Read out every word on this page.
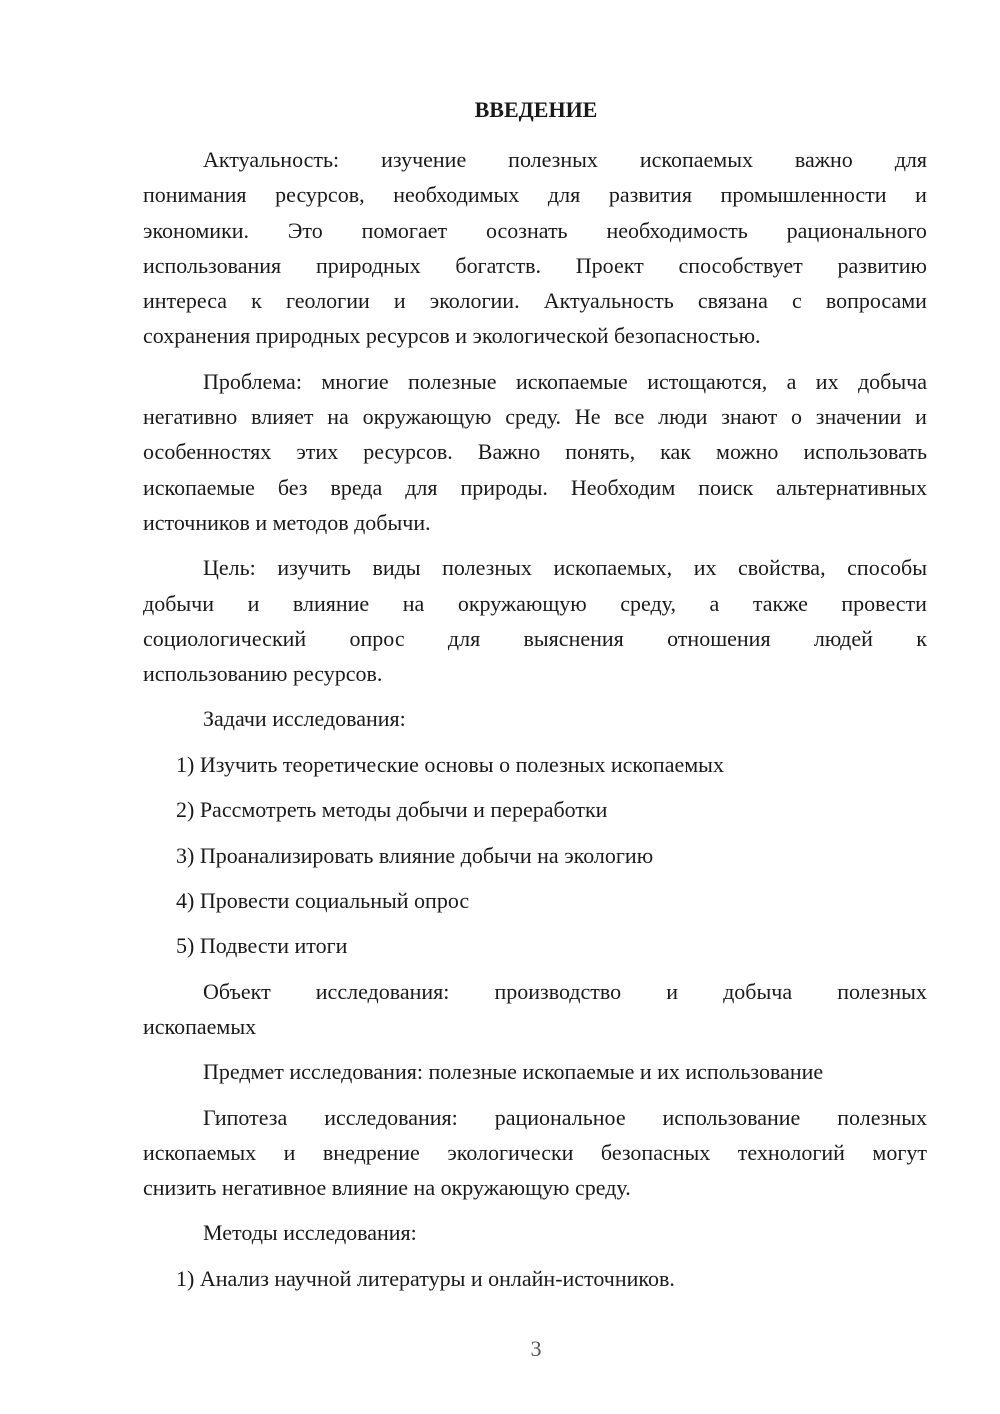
ВВЕДЕНИЕ
Актуальность: изучение полезных ископаемых важно для
понимания ресурсов, необходимых для развития промышленности и
экономики. Это помогает осознать необходимость рационального
использования природных богатств. Проект способствует развитию
интереса к геологии и экологии. Актуальность связана с вопросами
сохранения природных ресурсов и экологической безопасностью.
Проблема: многие полезные ископаемые истощаются, а их добыча
негативно влияет на окружающую среду. Не все люди знают о значении и
особенностях этих ресурсов. Важно понять, как можно использовать
ископаемые без вреда для природы. Необходим поиск альтернативных
источников и методов добычи.
Цель: изучить виды полезных ископаемых, их свойства, способы
добычи и влияние на окружающую среду, а также провести
социологический опрос для выяснения отношения людей к
использованию ресурсов.
Задачи исследования:
1) Изучить теоретические основы о полезных ископаемых
2) Рассмотреть методы добычи и переработки
3) Проанализировать влияние добычи на экологию
4) Провести социальный опрос
5) Подвести итоги
Объект исследования: производство и добыча полезных
ископаемых
Предмет исследования: полезные ископаемые и их использование
Гипотеза исследования: рациональное использование полезных
ископаемых и внедрение экологически безопасных технологий могут
снизить негативное влияние на окружающую среду.
Методы исследования:
1) Анализ научной литературы и онлайн-источников.
3
